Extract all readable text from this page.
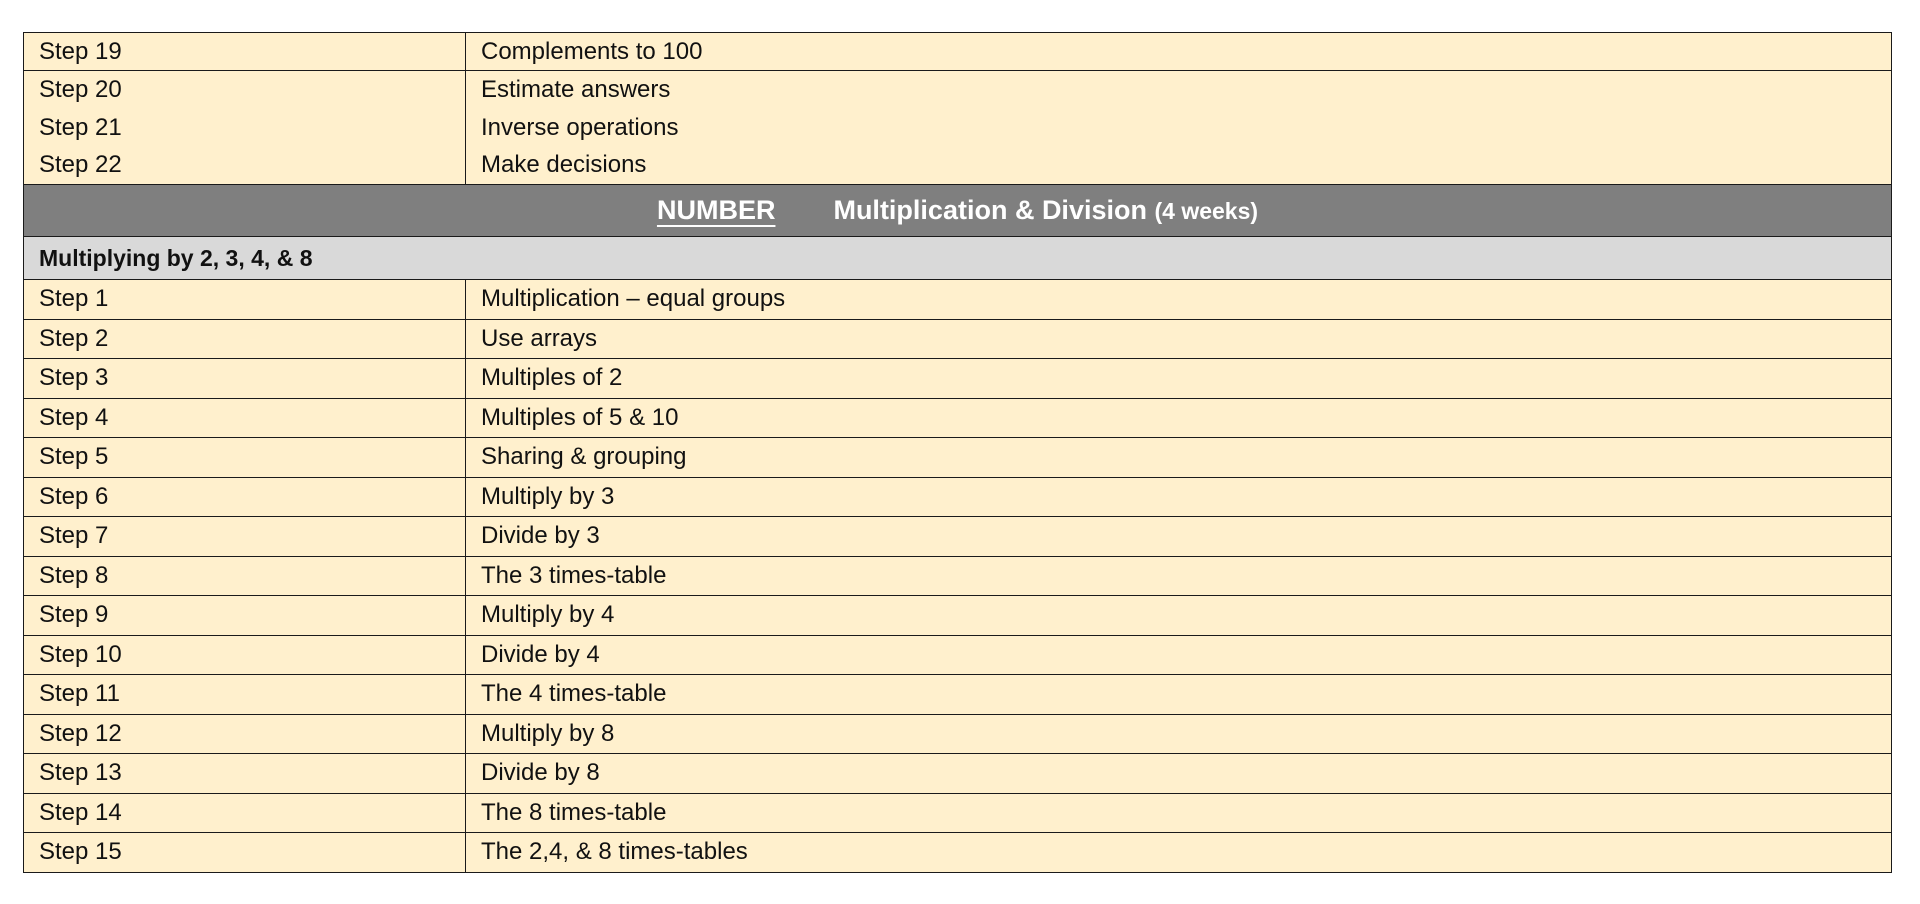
Step 19	Complements to 100
Step 20	Estimate answers
Step 21	Inverse operations
Step 22	Make decisions
NUMBER Multiplication & Division (4 weeks)	
Multiplying by 2, 3, 4, & 8	
Step 1	Multiplication – equal groups
Step 2	Use arrays
Step 3	Multiples of 2
Step 4	Multiples of 5 & 10
Step 5	Sharing & grouping
Step 6	Multiply by 3
Step 7	Divide by 3
Step 8	The 3 times-table
Step 9	Multiply by 4
Step 10	Divide by 4
Step 11	The 4 times-table
Step 12	Multiply by 8
Step 13	Divide by 8
Step 14	The 8 times-table
Step 15	The 2,4, & 8 times-tables
